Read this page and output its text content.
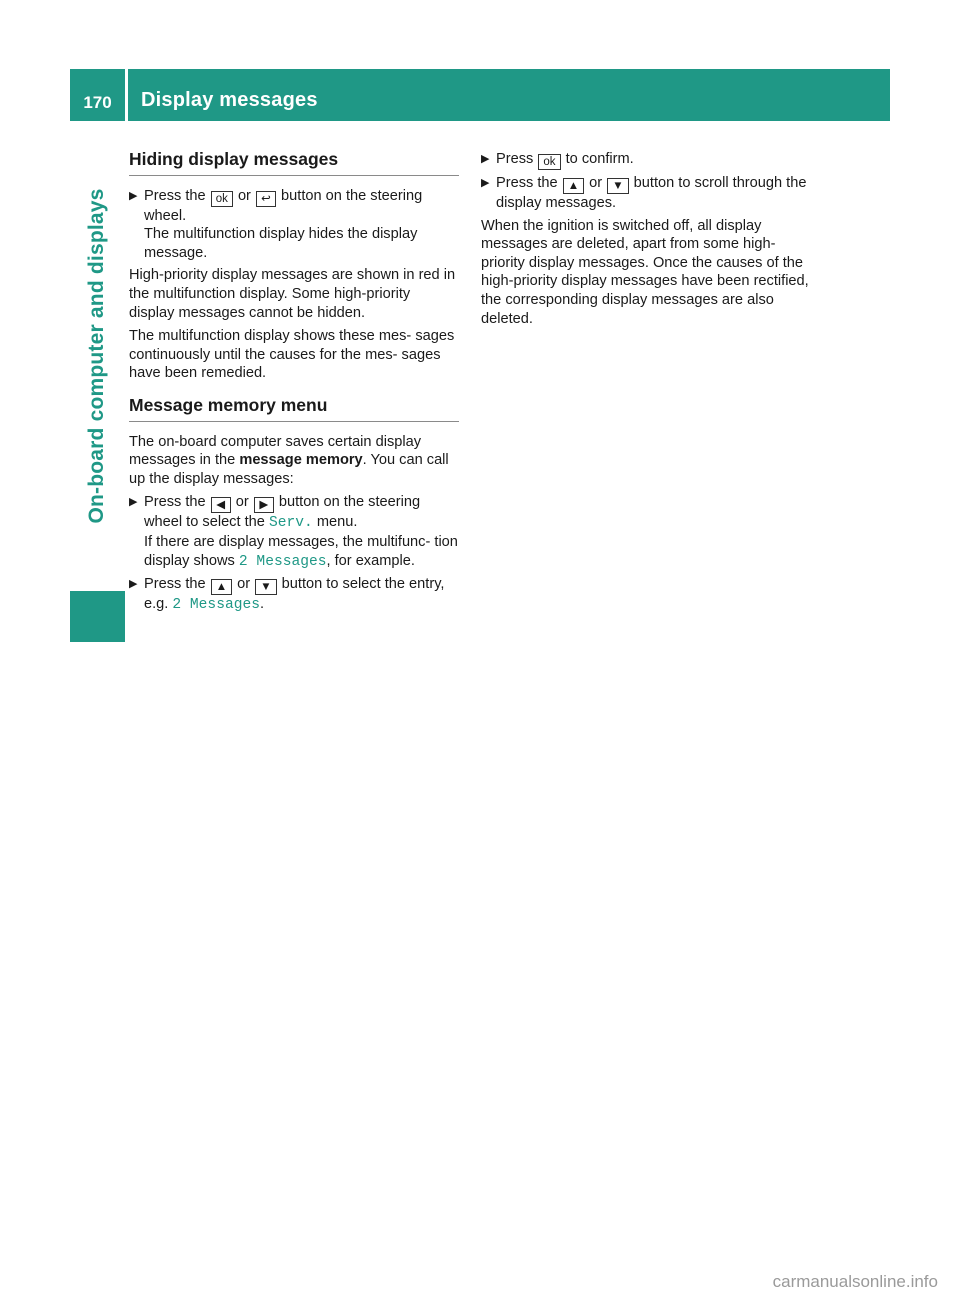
170	Display messages
On-board computer and displays
Hiding display messages
▶ Press the ok or ↩ button on the steering wheel.
The multifunction display hides the display message.

High-priority display messages are shown in red in the multifunction display. Some high-priority display messages cannot be hidden.

The multifunction display shows these mes- sages continuously until the causes for the mes- sages have been remedied.

Message memory menu

The on-board computer saves certain display messages in the message memory. You can call up the display messages:

▶ Press the ◀ or ▶ button on the steering wheel to select the Serv. menu.
If there are display messages, the multifunc- tion display shows 2 Messages, for example.
▶ Press the ▲ or ▼ button to select the entry, e.g. 2 Messages.
▶ Press ok to confirm.
▶ Press the ▲ or ▼ button to scroll through the display messages.

When the ignition is switched off, all display messages are deleted, apart from some high- priority display messages. Once the causes of the high-priority display messages have been rectified, the corresponding display messages are also deleted.

carmanualsonline.info
